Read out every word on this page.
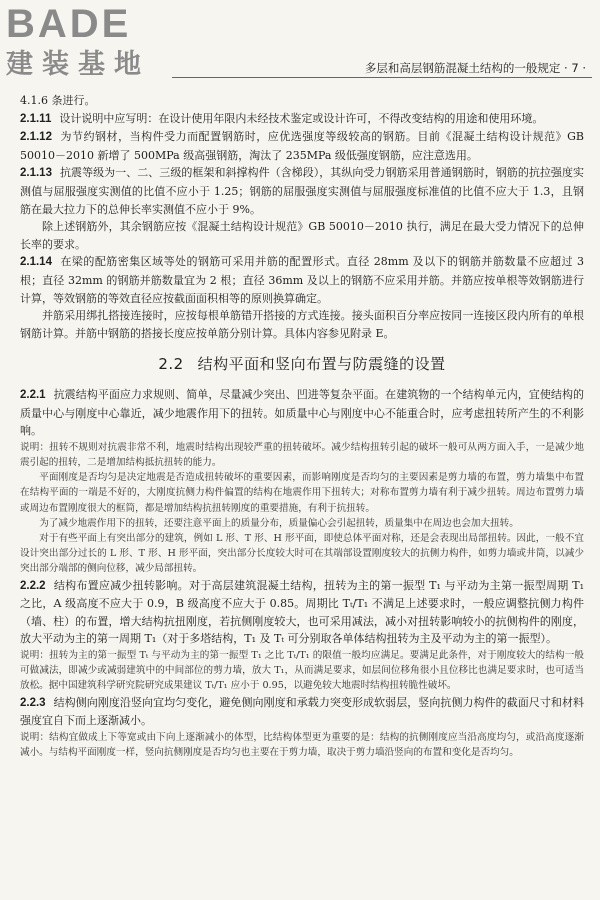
BADE
建装基地	多层和高层钢筋混凝土结构的一般规定 · 7 ·

4.1.6 条进行。

2.1.11 设计说明中应写明：在设计使用年限内未经技术鉴定或设计许可，不得改变结构的用途和使用环境。

2.1.12 为节约钢材，当构件受力而配置钢筋时，应优选强度等级较高的钢筋。目前《混凝土结构设计规范》GB 50010－2010 新增了 500MPa 级高强钢筋，淘汰了 235MPa 级低强度钢筋，应注意选用。

2.1.13 抗震等级为一、二、三级的框架和斜撑构件（含梯段），其纵向受力钢筋采用普通钢筋时，钢筋的抗拉强度实测值与屈服强度实测值的比值不应小于 1.25；钢筋的屈服强度实测值与屈服强度标准值的比值不应大于 1.3，且钢筋在最大拉力下的总伸长率实测值不应小于 9%。

除上述钢筋外，其余钢筋应按《混凝土结构设计规范》GB 50010－2010 执行，满足在最大受力情况下的总伸长率的要求。

2.1.14 在梁的配筋密集区域等处的钢筋可采用并筋的配置形式。直径 28mm 及以下的钢筋并筋数量不应超过 3 根；直径 32mm 的钢筋并筋数量宜为 2 根；直径 36mm 及以上的钢筋不应采用并筋。并筋应按单根等效钢筋进行计算，等效钢筋的等效直径应按截面面积相等的原则换算确定。

并筋采用绑扎搭接连接时，应按每根单筋错开搭接的方式连接。接头面积百分率应按同一连接区段内所有的单根钢筋计算。并筋中钢筋的搭接长度应按单筋分别计算。具体内容参见附录 E。

2.2 结构平面和竖向布置与防震缝的设置

2.2.1 抗震结构平面应力求规则、简单，尽量减少突出、凹进等复杂平面。在建筑物的一个结构单元内，宜使结构的质量中心与刚度中心靠近，减少地震作用下的扭转。如质量中心与刚度中心不能重合时，应考虑扭转所产生的不利影响。

说明：扭转不规则对抗震非常不利，地震时结构出现较严重的扭转破坏。减少结构扭转引起的破坏一般可从两方面入手，一是减少地震引起的扭转，二是增加结构抵抗扭转的能力。

平面刚度是否均匀是决定地震是否造成扭转破坏的重要因素，而影响刚度是否均匀的主要因素是剪力墙的布置，剪力墙集中布置在结构平面的一端是不好的，大刚度抗侧力构件偏置的结构在地震作用下扭转大；对称布置剪力墙有利于减少扭转。周边布置剪力墙或周边布置刚度很大的框筒，都是增加结构抗扭转刚度的重要措施，有利于抗扭转。

为了减少地震作用下的扭转，还要注意平面上的质量分布，质量偏心会引起扭转，质量集中在周边也会加大扭转。

对于有些平面上有突出部分的建筑，例如 L 形、T 形、H 形平面，即使总体平面对称，还是会表现出局部扭转。因此，一般不宜设计突出部分过长的 L 形、T 形、H 形平面，突出部分长度较大时可在其端部设置刚度较大的抗侧力构件，如剪力墙或井筒，以减少突出部分端部的侧向位移，减少局部扭转。

2.2.2 结构布置应减少扭转影响。对于高层建筑混凝土结构，扭转为主的第一振型 T₁ 与平动为主第一振型周期 T₁ 之比，A 级高度不应大于 0.9，B 级高度不应大于 0.85。周期比 Tₜ/T₁ 不满足上述要求时，一般应调整抗侧力构件（墙、柱）的布置，增大结构抗扭刚度，若抗侧刚度较大，也可采用减法，减小对扭转影响较小的抗侧构件的刚度，放大平动为主的第一周期 T₁（对于多塔结构，T₁ 及 Tₜ 可分别取各单体结构扭转为主及平动为主的第一振型）。

说明：扭转为主的第一振型 Tₜ 与平动为主的第一振型 T₁ 之比 Tₜ/T₁ 的限值一般均应满足。要满足此条件，对于刚度较大的结构一般可做减法，即减少或减弱建筑中的中间部位的剪力墙，放大 T₁，从而满足要求，如层间位移角很小且位移比也满足要求时，也可适当放松。据中国建筑科学研究院研究成果建议 Tₜ/T₁ 应小于 0.95，以避免较大地震时结构扭转脆性破坏。

2.2.3 结构侧向刚度沿竖向宜均匀变化，避免侧向刚度和承载力突变形成软弱层，竖向抗侧力构件的截面尺寸和材料强度宜自下而上逐渐减小。

说明：结构宜做成上下等宽或由下向上逐渐减小的体型，比结构体型更为重要的是：结构的抗侧刚度应当沿高度均匀，或沿高度逐渐减小。与结构平面刚度一样，竖向抗侧刚度是否均匀也主要在于剪力墙，取决于剪力墙沿竖向的布置和变化是否均匀。
